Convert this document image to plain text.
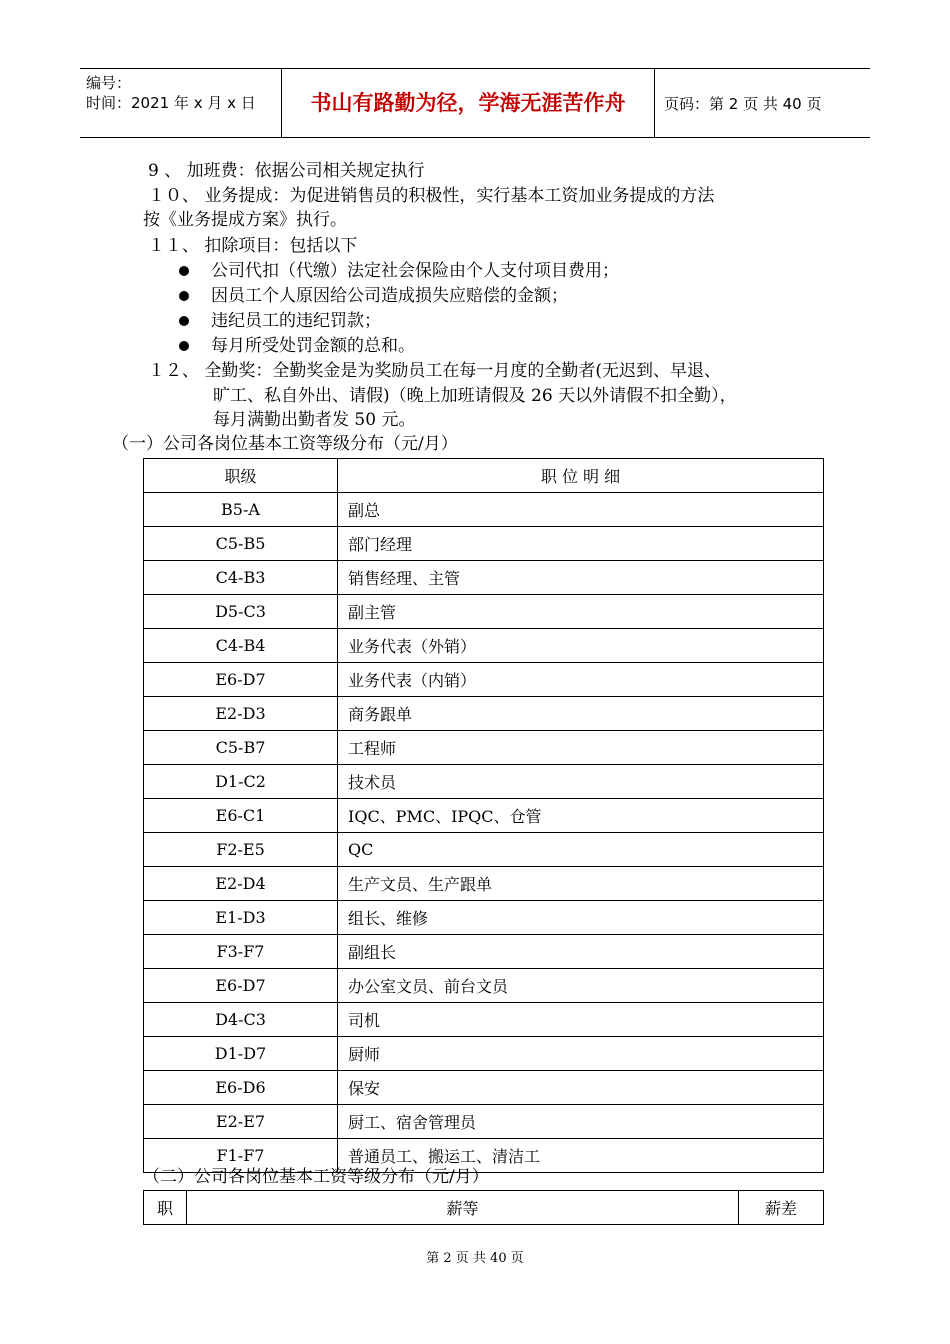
编号：
时间：2021 年 x 月 x 日	书山有路勤为径，学海无涯苦作舟	页码：第 2 页 共 40 页
9 、 加班费：依据公司相关规定执行
１０、 业务提成：为促进销售员的积极性，实行基本工资加业务提成的方法
按《业务提成方案》执行。
１１、 扣除项目：包括以下
公司代扣（代缴）法定社会保险由个人支付项目费用；
因员工个人原因给公司造成损失应赔偿的金额；
违纪员工的违纪罚款；
每月所受处罚金额的总和。
１２、 全勤奖：全勤奖金是为奖励员工在每一月度的全勤者(无迟到、早退、
旷工、私自外出、请假)（晚上加班请假及 26 天以外请假不扣全勤），
每月满勤出勤者发 50 元。
（一）公司各岗位基本工资等级分布（元/月）
职级	职 位 明 细
B5-A	副总
C5-B5	部门经理
C4-B3	销售经理、主管
D5-C3	副主管
C4-B4	业务代表（外销）
E6-D7	业务代表（内销）
E2-D3	商务跟单
C5-B7	工程师
D1-C2	技术员
E6-C1	IQC、PMC、IPQC、仓管
F2-E5	QC
E2-D4	生产文员、生产跟单
E1-D3	组长、维修
F3-F7	副组长
E6-D7	办公室文员、前台文员
D4-C3	司机
D1-D7	厨师
E6-D6	保安
E2-E7	厨工、宿舍管理员
F1-F7	普通员工、搬运工、清洁工
（二）公司各岗位基本工资等级分布（元/月）
职	薪等	薪差
第 2 页 共 40 页
